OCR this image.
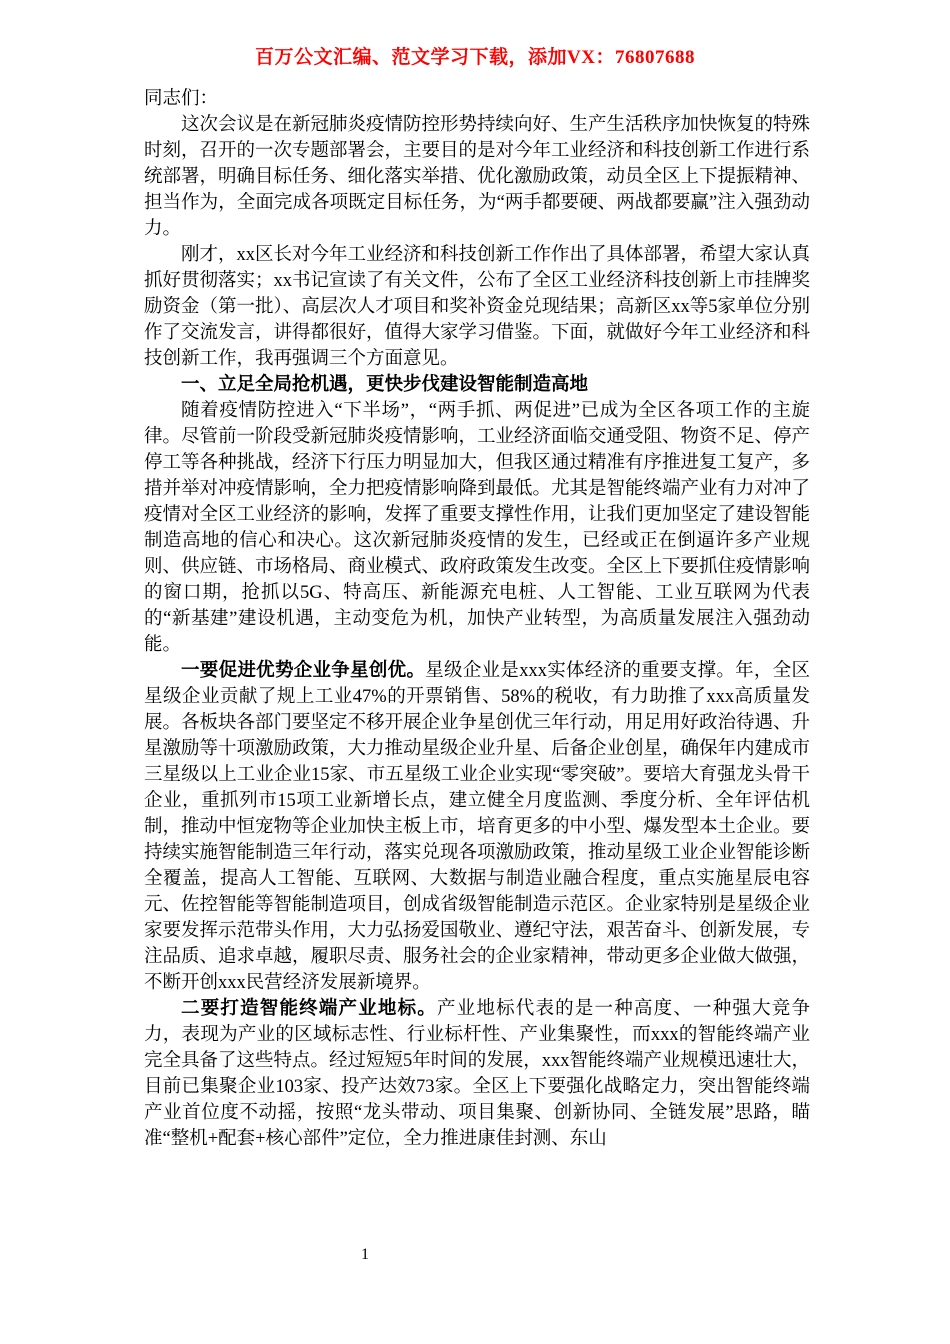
百万公文汇编、范文学习下载，添加VX：76807688

同志们：

这次会议是在新冠肺炎疫情防控形势持续向好、生产生活秩序加快恢复的特殊时刻，召开的一次专题部署会，主要目的是对今年工业经济和科技创新工作进行系统部署，明确目标任务、细化落实举措、优化激励政策，动员全区上下提振精神、担当作为，全面完成各项既定目标任务，为“两手都要硬、两战都要赢”注入强劲动力。

刚才，xx区长对今年工业经济和科技创新工作作出了具体部署，希望大家认真抓好贯彻落实；xx书记宣读了有关文件，公布了全区工业经济科技创新上市挂牌奖励资金（第一批）、高层次人才项目和奖补资金兑现结果；高新区xx等5家单位分别作了交流发言，讲得都很好，值得大家学习借鉴。下面，就做好今年工业经济和科技创新工作，我再强调三个方面意见。

一、立足全局抢机遇，更快步伐建设智能制造高地

随着疫情防控进入“下半场”，“两手抓、两促进”已成为全区各项工作的主旋律。尽管前一阶段受新冠肺炎疫情影响，工业经济面临交通受阻、物资不足、停产停工等各种挑战，经济下行压力明显加大，但我区通过精准有序推进复工复产，多措并举对冲疫情影响，全力把疫情影响降到最低。尤其是智能终端产业有力对冲了疫情对全区工业经济的影响，发挥了重要支撑性作用，让我们更加坚定了建设智能制造高地的信心和决心。这次新冠肺炎疫情的发生，已经或正在倒逼许多产业规则、供应链、市场格局、商业模式、政府政策发生改变。全区上下要抓住疫情影响的窗口期，抢抓以5G、特高压、新能源充电桩、人工智能、工业互联网为代表的“新基建”建设机遇，主动变危为机，加快产业转型，为高质量发展注入强劲动能。

一要促进优势企业争星创优。星级企业是xxx实体经济的重要支撑。年，全区星级企业贡献了规上工业47%的开票销售、58%的税收，有力助推了xxx高质量发展。各板块各部门要坚定不移开展企业争星创优三年行动，用足用好政治待遇、升星激励等十项激励政策，大力推动星级企业升星、后备企业创星，确保年内建成市三星级以上工业企业15家、市五星级工业企业实现“零突破”。要培大育强龙头骨干企业，重抓列市15项工业新增长点，建立健全月度监测、季度分析、全年评估机制，推动中恒宠物等企业加快主板上市，培育更多的中小型、爆发型本土企业。要持续实施智能制造三年行动，落实兑现各项激励政策，推动星级工业企业智能诊断全覆盖，提高人工智能、互联网、大数据与制造业融合程度，重点实施星辰电容元、佐控智能等智能制造项目，创成省级智能制造示范区。企业家特别是星级企业家要发挥示范带头作用，大力弘扬爱国敬业、遵纪守法，艰苦奋斗、创新发展，专注品质、追求卓越，履职尽责、服务社会的企业家精神，带动更多企业做大做强，不断开创xxx民营经济发展新境界。

二要打造智能终端产业地标。产业地标代表的是一种高度、一种强大竞争力，表现为产业的区域标志性、行业标杆性、产业集聚性，而xxx的智能终端产业完全具备了这些特点。经过短短5年时间的发展，xxx智能终端产业规模迅速壮大，目前已集聚企业103家、投产达效73家。全区上下要强化战略定力，突出智能终端产业首位度不动摇，按照“龙头带动、项目集聚、创新协同、全链发展”思路，瞄准“整机+配套+核心部件”定位，全力推进康佳封测、东山

1
